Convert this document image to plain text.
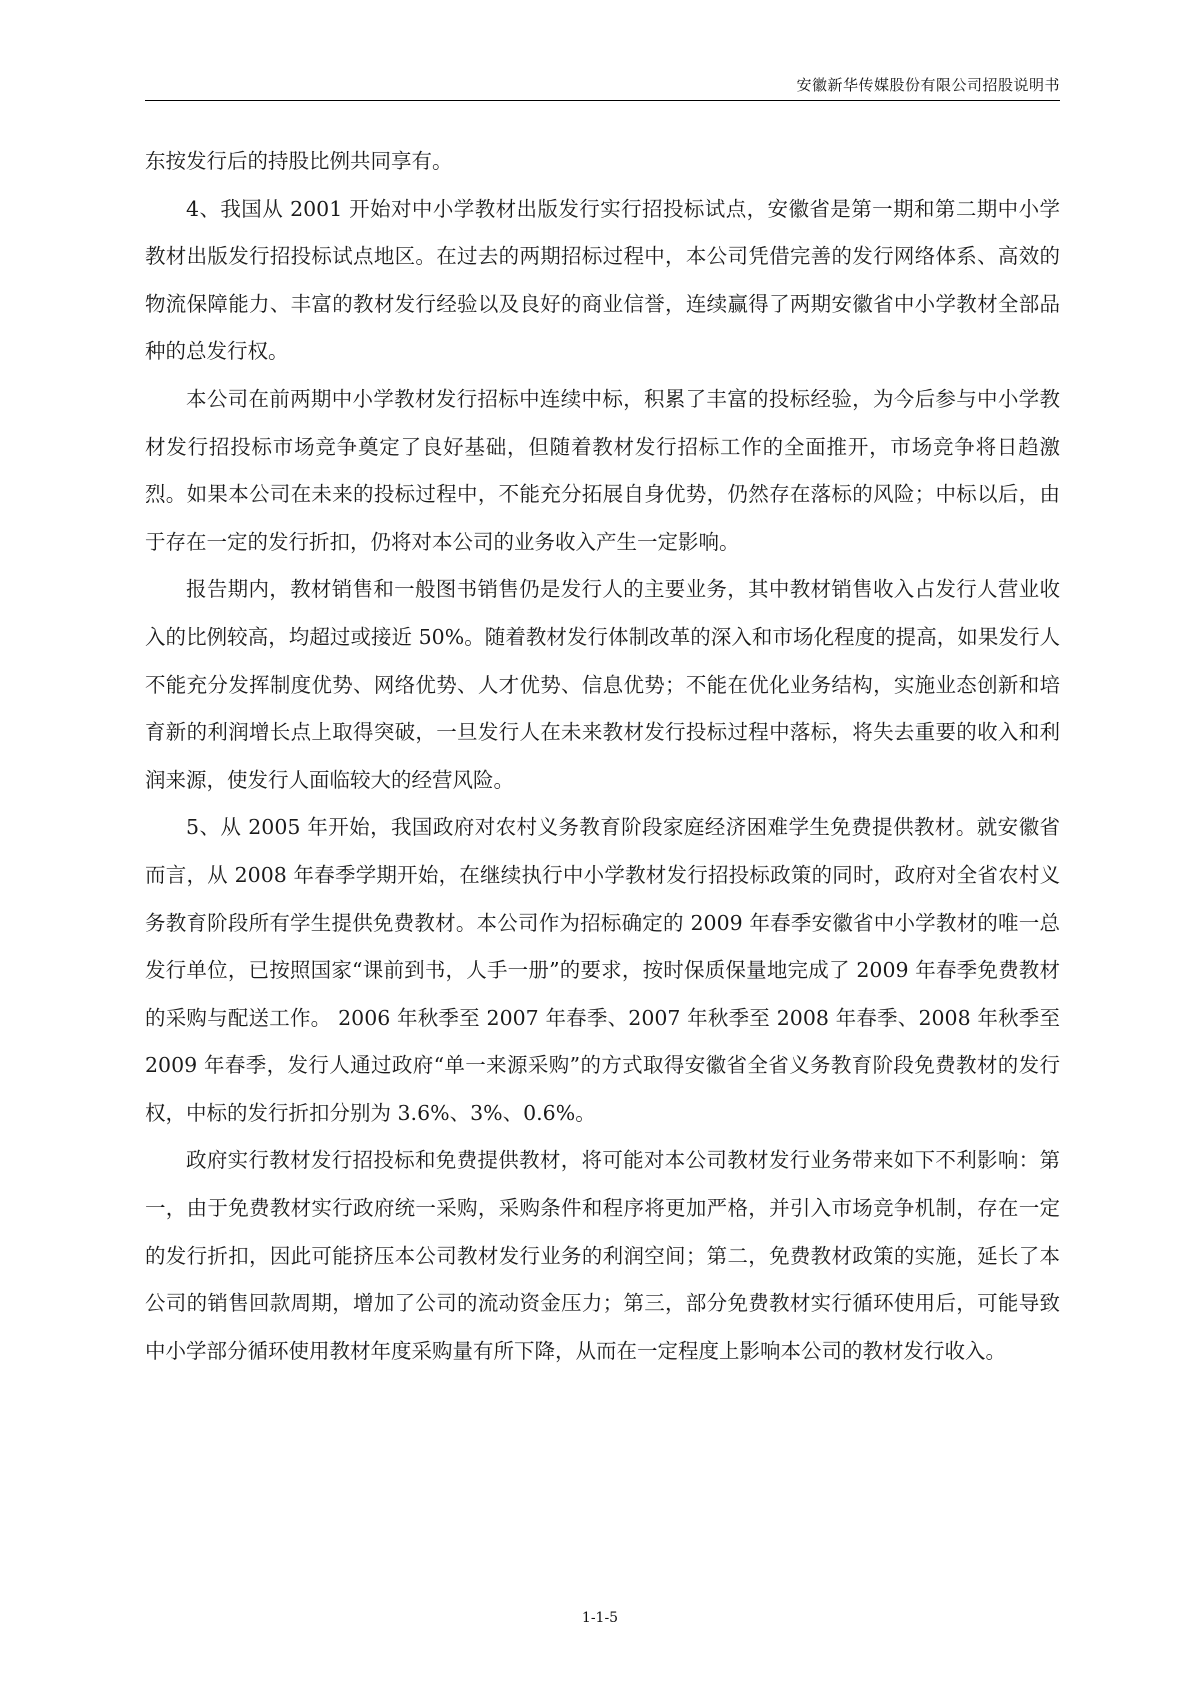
安徽新华传媒股份有限公司招股说明书

东按发行后的持股比例共同享有。

4、我国从 2001 开始对中小学教材出版发行实行招投标试点，安徽省是第一期和第二期中小学教材出版发行招投标试点地区。在过去的两期招标过程中，本公司凭借完善的发行网络体系、高效的物流保障能力、丰富的教材发行经验以及良好的商业信誉，连续赢得了两期安徽省中小学教材全部品种的总发行权。

本公司在前两期中小学教材发行招标中连续中标，积累了丰富的投标经验，为今后参与中小学教材发行招投标市场竞争奠定了良好基础，但随着教材发行招标工作的全面推开，市场竞争将日趋激烈。如果本公司在未来的投标过程中，不能充分拓展自身优势，仍然存在落标的风险；中标以后，由于存在一定的发行折扣，仍将对本公司的业务收入产生一定影响。

报告期内，教材销售和一般图书销售仍是发行人的主要业务，其中教材销售收入占发行人营业收入的比例较高，均超过或接近 50%。随着教材发行体制改革的深入和市场化程度的提高，如果发行人不能充分发挥制度优势、网络优势、人才优势、信息优势；不能在优化业务结构，实施业态创新和培育新的利润增长点上取得突破，一旦发行人在未来教材发行投标过程中落标，将失去重要的收入和利润来源，使发行人面临较大的经营风险。

5、从 2005 年开始，我国政府对农村义务教育阶段家庭经济困难学生免费提供教材。就安徽省而言，从 2008 年春季学期开始，在继续执行中小学教材发行招投标政策的同时，政府对全省农村义务教育阶段所有学生提供免费教材。本公司作为招标确定的 2009 年春季安徽省中小学教材的唯一总发行单位，已按照国家“课前到书，人手一册”的要求，按时保质保量地完成了 2009 年春季免费教材的采购与配送工作。 2006 年秋季至 2007 年春季、2007 年秋季至 2008 年春季、2008 年秋季至 2009 年春季，发行人通过政府“单一来源采购”的方式取得安徽省全省义务教育阶段免费教材的发行权，中标的发行折扣分别为 3.6%、3%、0.6%。

政府实行教材发行招投标和免费提供教材，将可能对本公司教材发行业务带来如下不利影响：第一，由于免费教材实行政府统一采购，采购条件和程序将更加严格，并引入市场竞争机制，存在一定的发行折扣，因此可能挤压本公司教材发行业务的利润空间；第二，免费教材政策的实施，延长了本公司的销售回款周期，增加了公司的流动资金压力；第三，部分免费教材实行循环使用后，可能导致中小学部分循环使用教材年度采购量有所下降，从而在一定程度上影响本公司的教材发行收入。

1-1-5
